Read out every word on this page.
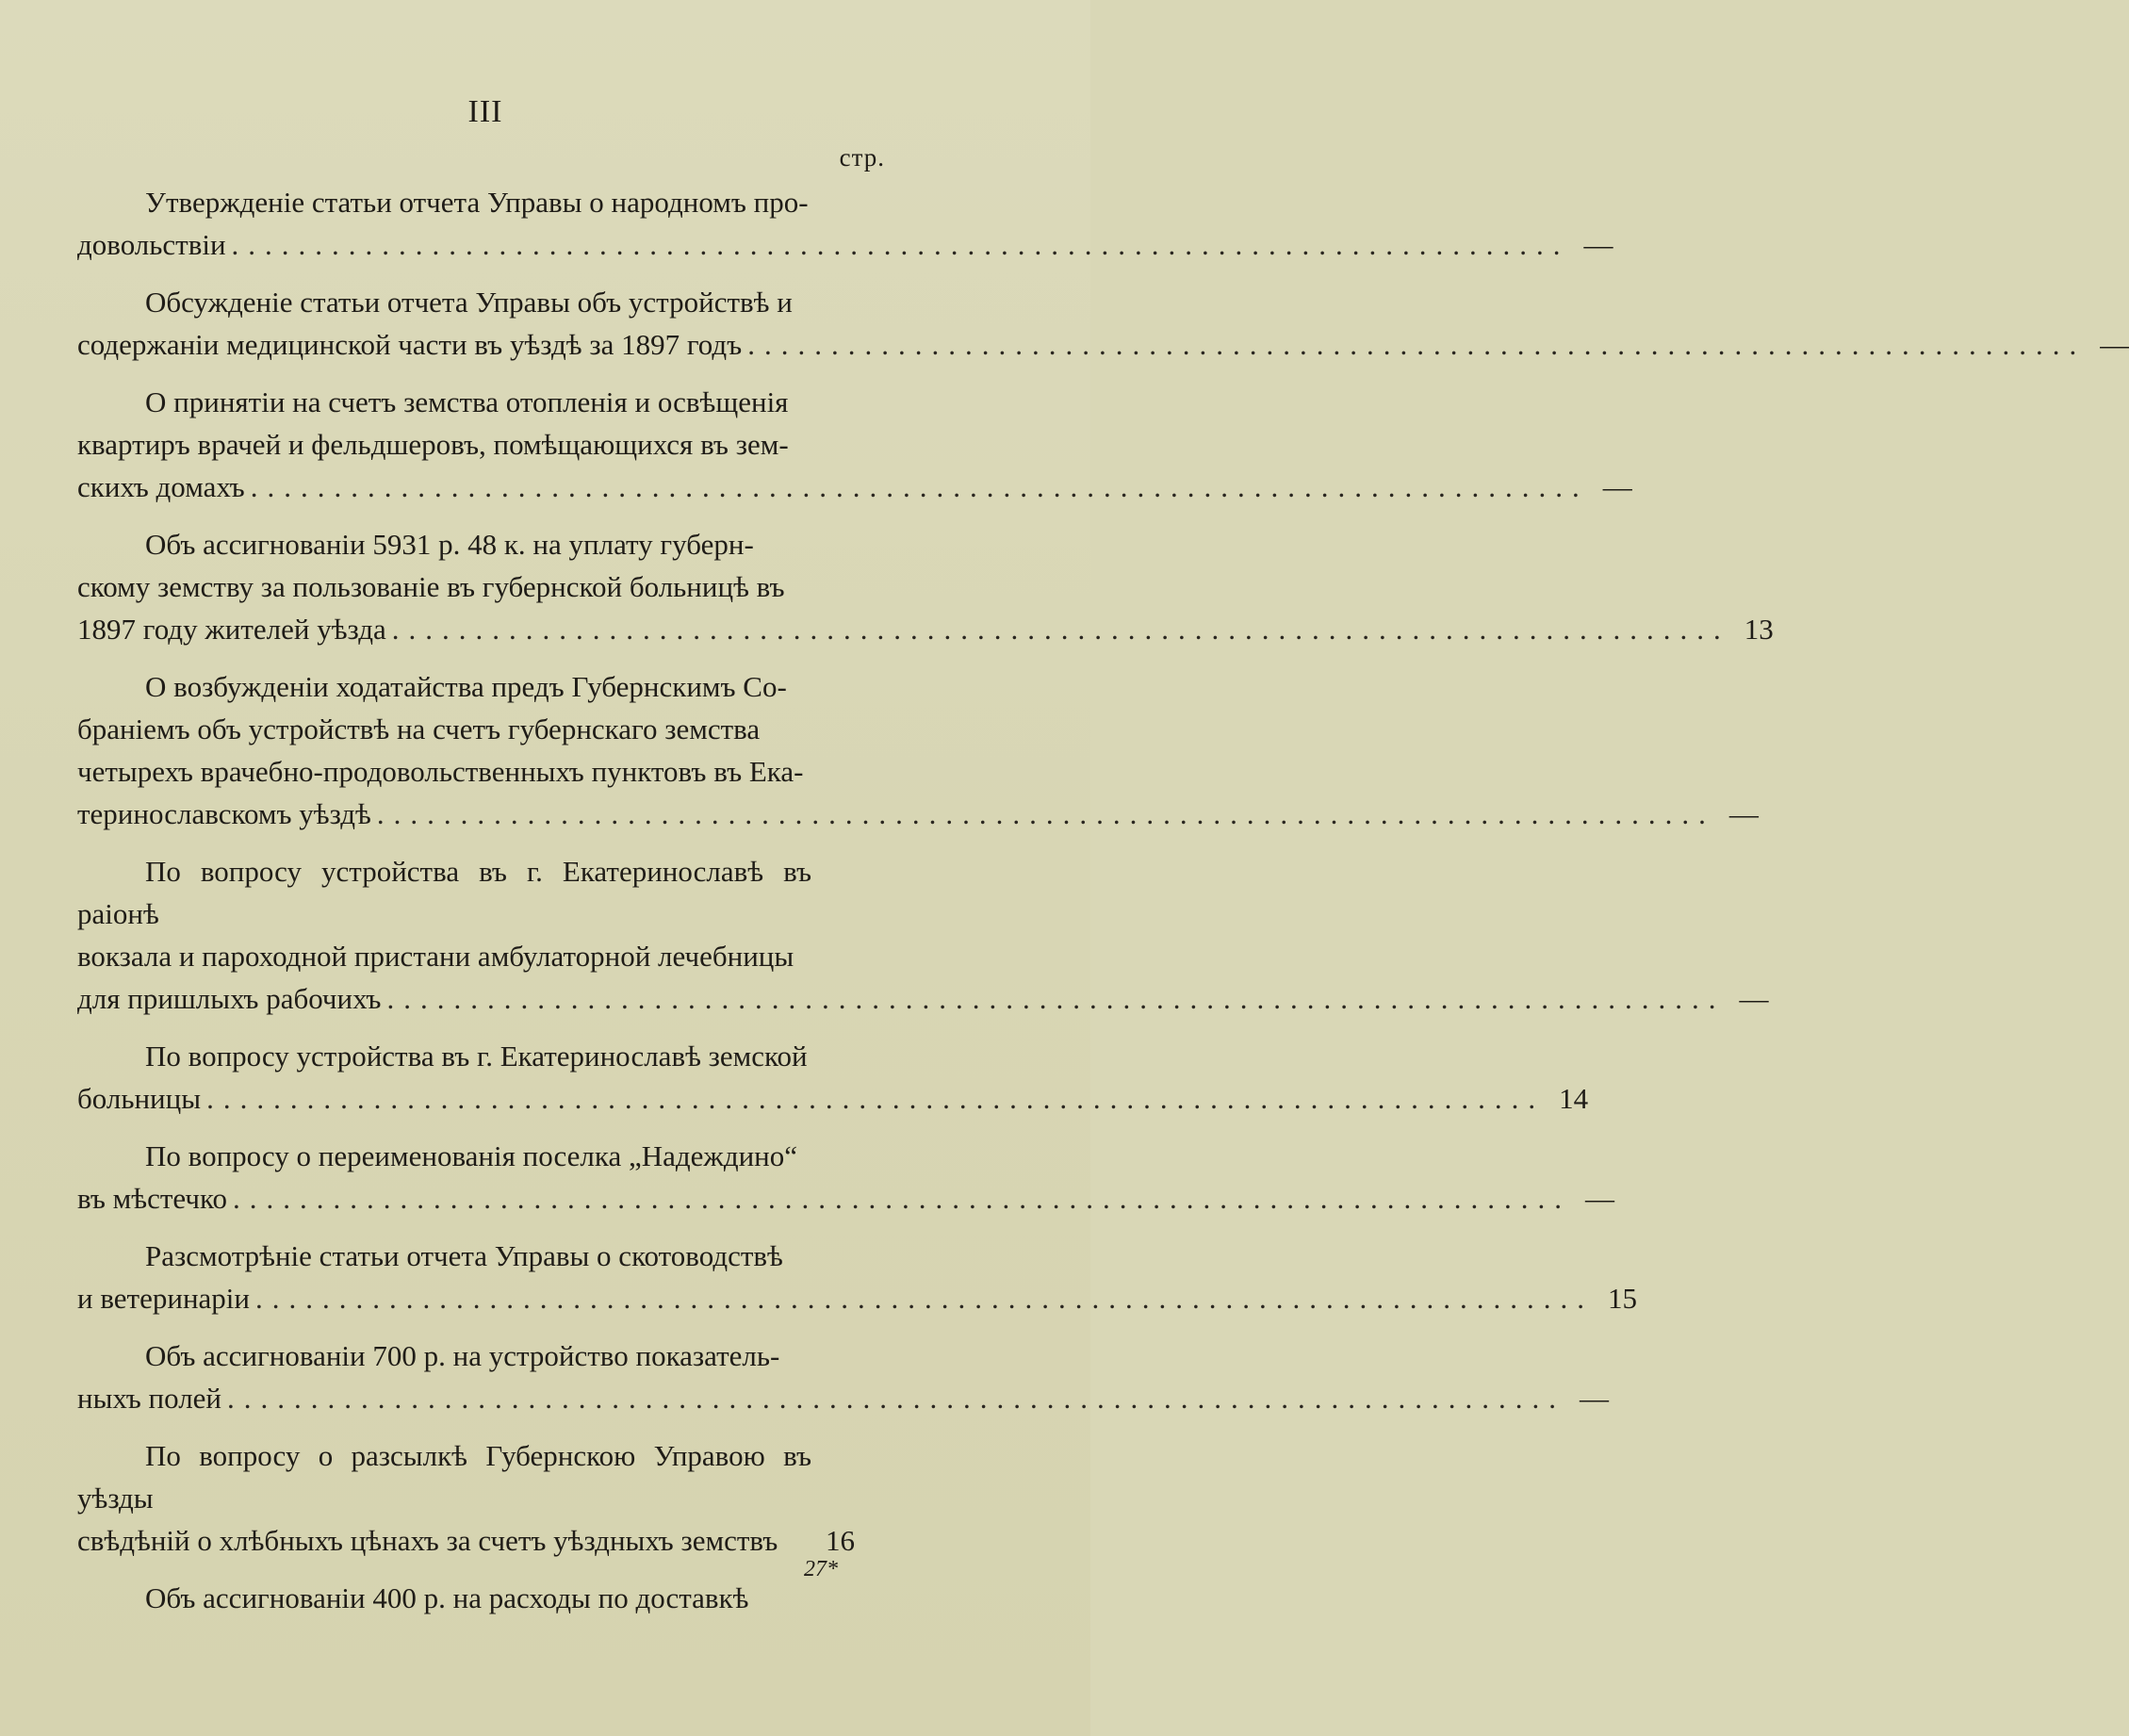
III
стр.
Утвержденіе статьи отчета Управы о народномъ про-
довольствіи ................................................................................ —
Обсужденіе статьи отчета Управы объ устройствѣ и
содержаніи медицинской части въ уѣздѣ за 1897 годъ ................................................................................ —
О принятіи на счетъ земства отопленія и освѣщенія
квартиръ врачей и фельдшеровъ, помѣщающихся въ зем-
скихъ домахъ ................................................................................ —
Объ ассигнованіи 5931 р. 48 к. на уплату губерн-
скому земству за пользованіе въ губернской больницѣ въ
1897 году жителей уѣзда ................................................................................ 13
О возбужденіи ходатайства предъ Губернскимъ Со-
браніемъ объ устройствѣ на счетъ губернскаго земства
четырехъ врачебно-продовольственныхъ пунктовъ въ Ека-
теринославскомъ уѣздѣ ................................................................................ —
По вопросу устройства въ г. Екатеринославѣ въ раіонѣ
вокзала и пароходной пристани амбулаторной лечебницы
для пришлыхъ рабочихъ ................................................................................ —
По вопросу устройства въ г. Екатеринославѣ земской
больницы ................................................................................ 14
По вопросу о переименованія поселка „Надеждино“
въ мѣстечко ................................................................................ —
Разсмотрѣніе статьи отчета Управы о скотоводствѣ
и ветеринаріи ................................................................................ 15
Объ ассигнованіи 700 р. на устройство показатель-
ныхъ полей ................................................................................ —
По вопросу о разсылкѣ Губернскою Управою въ уѣзды
свѣдѣній о хлѣбныхъ цѣнахъ за счетъ уѣздныхъ земствъ 16
Объ ассигнованіи 400 р. на расходы по доставкѣ
27*
